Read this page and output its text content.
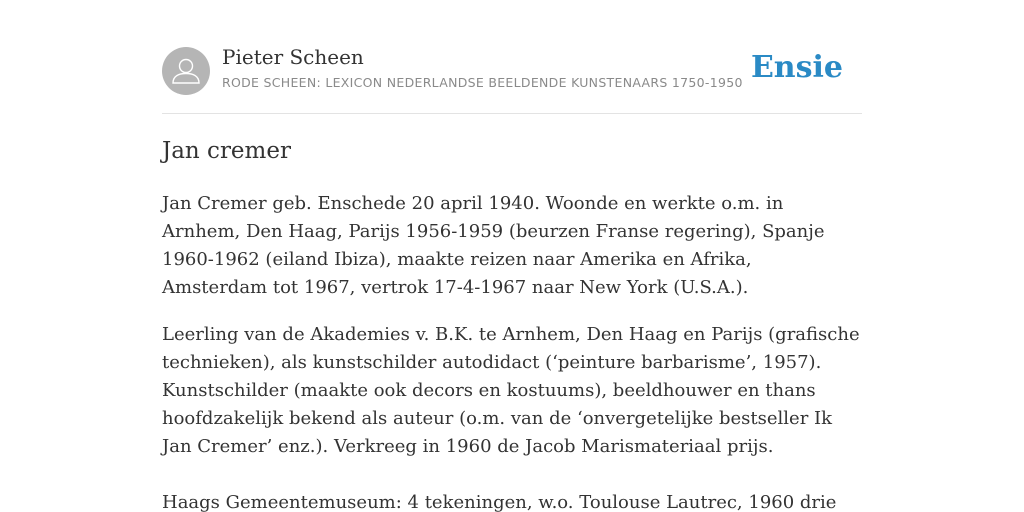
Pieter Scheen
RODE SCHEEN: LEXICON NEDERLANDSE BEELDENDE KUNSTENAARS 1750-1950 Ensie
Jan cremer

Jan Cremer geb. Enschede 20 april 1940. Woonde en werkte o.m. in Arnhem, Den Haag, Parijs 1956-1959 (beurzen Franse regering), Spanje 1960-1962 (eiland Ibiza), maakte reizen naar Amerika en Afrika, Amsterdam tot 1967, vertrok 17-4-1967 naar New York (U.S.A.).

Leerling van de Akademies v. B.K. te Arnhem, Den Haag en Parijs (grafische technieken), als kunstschilder autodidact (‘peinture barbarisme’, 1957). Kunstschilder (maakte ook decors en kostuums), beeldhouwer en thans hoofdzakelijk bekend als auteur (o.m. van de ‘onvergetelijke bestseller Ik Jan Cremer’ enz.). Verkreeg in 1960 de Jacob Marismateriaal prijs.

Haags Gemeentemuseum: 4 tekeningen, w.o. Toulouse Lautrec, 1960 drie
